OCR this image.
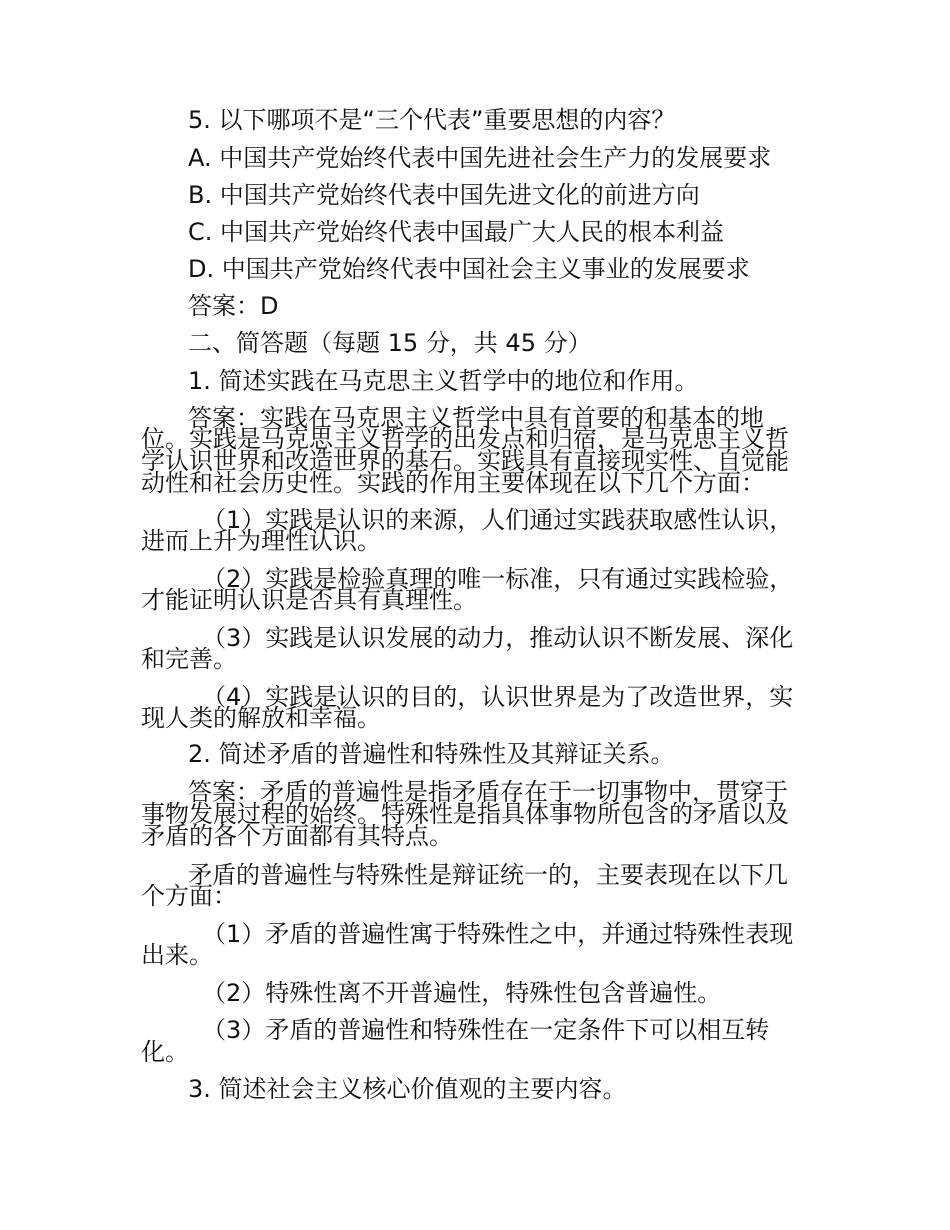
5. 以下哪项不是“三个代表”重要思想的内容？
A. 中国共产党始终代表中国先进社会生产力的发展要求
B. 中国共产党始终代表中国先进文化的前进方向
C. 中国共产党始终代表中国最广大人民的根本利益
D. 中国共产党始终代表中国社会主义事业的发展要求
答案：D
二、简答题（每题 15 分，共 45 分）
1. 简述实践在马克思主义哲学中的地位和作用。
答案：实践在马克思主义哲学中具有首要的和基本的地
位。实践是马克思主义哲学的出发点和归宿，是马克思主义哲
学认识世界和改造世界的基石。实践具有直接现实性、自觉能
动性和社会历史性。实践的作用主要体现在以下几个方面：
（1）实践是认识的来源，人们通过实践获取感性认识，
进而上升为理性认识。
（2）实践是检验真理的唯一标准，只有通过实践检验，
才能证明认识是否具有真理性。
（3）实践是认识发展的动力，推动认识不断发展、深化
和完善。
（4）实践是认识的目的，认识世界是为了改造世界，实
现人类的解放和幸福。
2. 简述矛盾的普遍性和特殊性及其辩证关系。
答案：矛盾的普遍性是指矛盾存在于一切事物中，贯穿于
事物发展过程的始终。特殊性是指具体事物所包含的矛盾以及
矛盾的各个方面都有其特点。
矛盾的普遍性与特殊性是辩证统一的，主要表现在以下几
个方面：
（1）矛盾的普遍性寓于特殊性之中，并通过特殊性表现
出来。
（2）特殊性离不开普遍性，特殊性包含普遍性。
（3）矛盾的普遍性和特殊性在一定条件下可以相互转
化。
3. 简述社会主义核心价值观的主要内容。
